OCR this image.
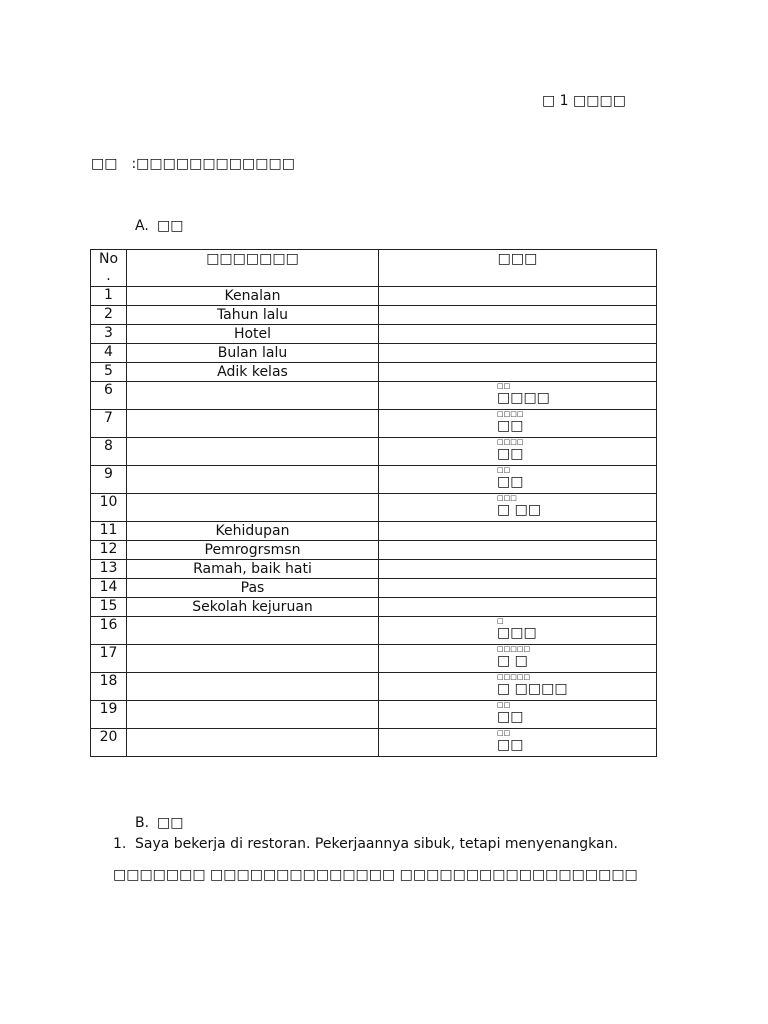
□ 1 □□□□
□□ :□□□□□□□□□□□□
A. □□
No
.	□□□□□□□	□□□
1	Kenalan	
2	Tahun lalu	
3	Hotel	
4	Bulan lalu	
5	Adik kelas	
6		□□
□□□□

7		□□□□
□□

8		□□□□
□□

9		□□
□□

10		□□□
□ □□

11	Kehidupan	
12	Pemrogrsmsn	
13	Ramah, baik hati	
14	Pas	
15	Sekolah kejuruan	
16		□
□□□

17		□□□□□
□ □

18		□□□□□
□ □□□□

19		□□
□□

20		□□
□□
B. □□
1. Saya bekerja di restoran. Pekerjaannya sibuk, tetapi menyenangkan.
□□□□□□□ □□□□□□□□□□□□□□ □□□□□□□□□□□□□□□□□□
